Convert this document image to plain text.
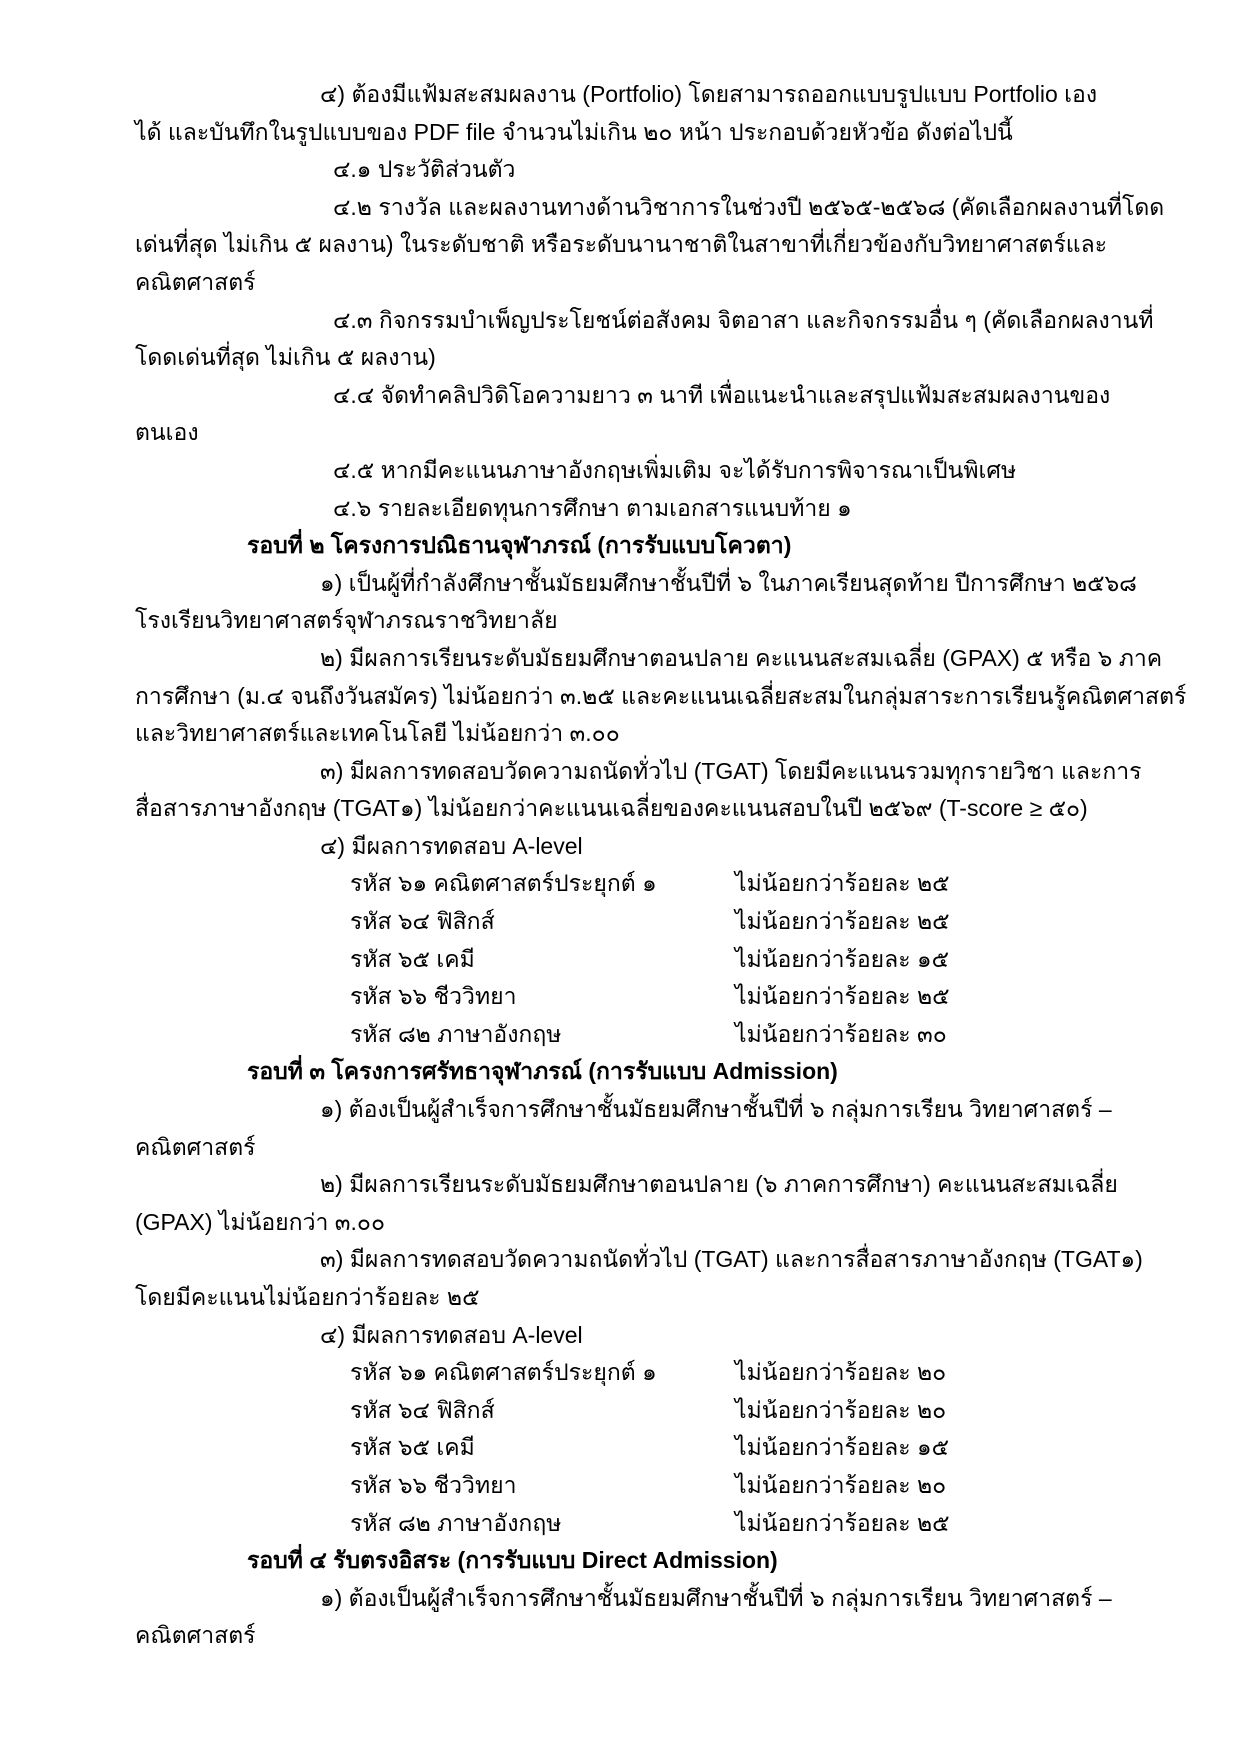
๔) ต้องมีแฟ้มสะสมผลงาน (Portfolio) โดยสามารถออกแบบรูปแบบ Portfolio เอง
ได้ และบันทึกในรูปแบบของ PDF file จำนวนไม่เกิน ๒๐ หน้า ประกอบด้วยหัวข้อ ดังต่อไปนี้
๔.๑ ประวัติส่วนตัว
๔.๒ รางวัล และผลงานทางด้านวิชาการในช่วงปี ๒๕๖๕-๒๕๖๘ (คัดเลือกผลงานที่โดด
เด่นที่สุด ไม่เกิน ๕ ผลงาน) ในระดับชาติ หรือระดับนานาชาติในสาขาที่เกี่ยวข้องกับวิทยาศาสตร์และ
คณิตศาสตร์
๔.๓ กิจกรรมบำเพ็ญประโยชน์ต่อสังคม จิตอาสา และกิจกรรมอื่น ๆ (คัดเลือกผลงานที่
โดดเด่นที่สุด ไม่เกิน ๕ ผลงาน)
๔.๔ จัดทำคลิปวิดิโอความยาว ๓ นาที เพื่อแนะนำและสรุปแฟ้มสะสมผลงานของ
ตนเอง
๔.๕ หากมีคะแนนภาษาอังกฤษเพิ่มเติม จะได้รับการพิจารณาเป็นพิเศษ
๔.๖ รายละเอียดทุนการศึกษา ตามเอกสารแนบท้าย ๑
รอบที่ ๒ โครงการปณิธานจุฬาภรณ์ (การรับแบบโควตา)
๑) เป็นผู้ที่กำลังศึกษาชั้นมัธยมศึกษาชั้นปีที่ ๖ ในภาคเรียนสุดท้าย ปีการศึกษา ๒๕๖๘
โรงเรียนวิทยาศาสตร์จุฬาภรณราชวิทยาลัย
๒) มีผลการเรียนระดับมัธยมศึกษาตอนปลาย คะแนนสะสมเฉลี่ย (GPAX) ๕ หรือ ๖ ภาค
การศึกษา (ม.๔ จนถึงวันสมัคร) ไม่น้อยกว่า ๓.๒๕ และคะแนนเฉลี่ยสะสมในกลุ่มสาระการเรียนรู้คณิตศาสตร์
และวิทยาศาสตร์และเทคโนโลยี ไม่น้อยกว่า ๓.๐๐
๓) มีผลการทดสอบวัดความถนัดทั่วไป (TGAT) โดยมีคะแนนรวมทุกรายวิชา และการ
สื่อสารภาษาอังกฤษ (TGAT๑) ไม่น้อยกว่าคะแนนเฉลี่ยของคะแนนสอบในปี ๒๕๖๙ (T-score ≥ ๕๐)
๔) มีผลการทดสอบ A-level
รหัส ๖๑ คณิตศาสตร์ประยุกต์ ๑	ไม่น้อยกว่าร้อยละ ๒๕
รหัส ๖๔ ฟิสิกส์	ไม่น้อยกว่าร้อยละ ๒๕
รหัส ๖๕ เคมี	ไม่น้อยกว่าร้อยละ ๑๕
รหัส ๖๖ ชีววิทยา	ไม่น้อยกว่าร้อยละ ๒๕
รหัส ๘๒ ภาษาอังกฤษ	ไม่น้อยกว่าร้อยละ ๓๐
รอบที่ ๓ โครงการศรัทธาจุฬาภรณ์ (การรับแบบ Admission)
๑) ต้องเป็นผู้สำเร็จการศึกษาชั้นมัธยมศึกษาชั้นปีที่ ๖ กลุ่มการเรียน วิทยาศาสตร์ –
คณิตศาสตร์
๒) มีผลการเรียนระดับมัธยมศึกษาตอนปลาย (๖ ภาคการศึกษา) คะแนนสะสมเฉลี่ย
(GPAX) ไม่น้อยกว่า ๓.๐๐
๓) มีผลการทดสอบวัดความถนัดทั่วไป (TGAT) และการสื่อสารภาษาอังกฤษ (TGAT๑)
โดยมีคะแนนไม่น้อยกว่าร้อยละ ๒๕
๔) มีผลการทดสอบ A-level
รหัส ๖๑ คณิตศาสตร์ประยุกต์ ๑	ไม่น้อยกว่าร้อยละ ๒๐
รหัส ๖๔ ฟิสิกส์	ไม่น้อยกว่าร้อยละ ๒๐
รหัส ๖๕ เคมี	ไม่น้อยกว่าร้อยละ ๑๕
รหัส ๖๖ ชีววิทยา	ไม่น้อยกว่าร้อยละ ๒๐
รหัส ๘๒ ภาษาอังกฤษ	ไม่น้อยกว่าร้อยละ ๒๕
รอบที่ ๔ รับตรงอิสระ (การรับแบบ Direct Admission)
๑) ต้องเป็นผู้สำเร็จการศึกษาชั้นมัธยมศึกษาชั้นปีที่ ๖ กลุ่มการเรียน วิทยาศาสตร์ –
คณิตศาสตร์
